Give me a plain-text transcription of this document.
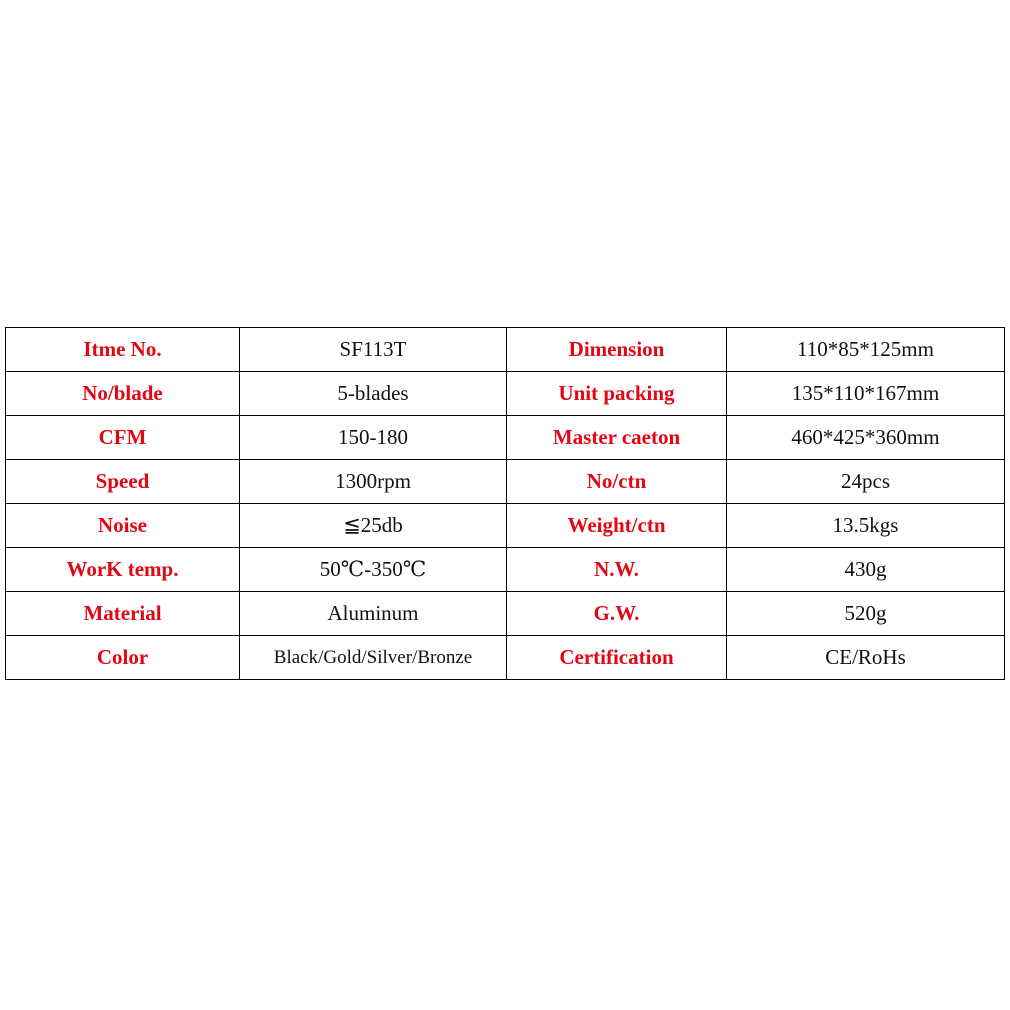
Itme No.	SF113T	Dimension	110*85*125mm
No/blade	5-blades	Unit packing	135*110*167mm
CFM	150-180	Master caeton	460*425*360mm
Speed	1300rpm	No/ctn	24pcs
Noise	≦25db	Weight/ctn	13.5kgs
WorK temp.	50℃-350℃	N.W.	430g
Material	Aluminum	G.W.	520g
Color	Black/Gold/Silver/Bronze	Certification	CE/RoHs
